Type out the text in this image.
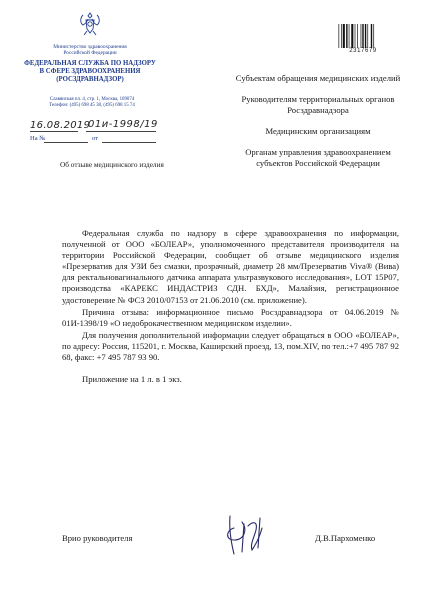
Министерство здравоохранения
Российской Федерации
ФЕДЕРАЛЬНАЯ СЛУЖБА ПО НАДЗОРУ
В СФЕРЕ ЗДРАВООХРАНЕНИЯ
(РОСЗДРАВНАДЗОР)
Славянская пл. 4, стр. 1, Москва, 109074
Телефон: (495) 698 45 38, (495) 698 15 74
16.08.2019
01и-1998/19
На №	от
Об отзыве медицинского изделия
2317679
Субъектам обращения медицинских изделий
Руководителям территориальных органов Росздравнадзора
Медицинским организациям
Органам управления здравоохранением субъектов Российской Федерации

Федеральная служба по надзору в сфере здравоохранения по информации, полученной от ООО «БОЛЕАР», уполномоченного представителя производителя на территории Российской Федерации, сообщает об отзыве медицинского изделия «Презерватив для УЗИ без смазки, прозрачный, диаметр 28 мм/Презерватив Viva® (Вива) для ректальновагинального датчика аппарата ультразвукового исследования», LOT 15P07, производства «КАРЕКС ИНДАСТРИЗ СДН. БХД», Малайзия, регистрационное удостоверение № ФСЗ 2010/07153 от 21.06.2010 (см. приложение).

Причина отзыва: информационное письмо Росздравнадзора от 04.06.2019 № 01И-1398/19 «О недоброкачественном медицинском изделии».

Для получения дополнительной информации следует обращаться в ООО «БОЛЕАР», по адресу: Россия, 115201, г. Москва, Каширский проезд, 13, пом.XIV, по тел.:+7 495 787 92 68, факс: +7 495 787 93 90.

Приложение на 1 л. в 1 экз.

Врио руководителя	Д.В.Пархоменко
